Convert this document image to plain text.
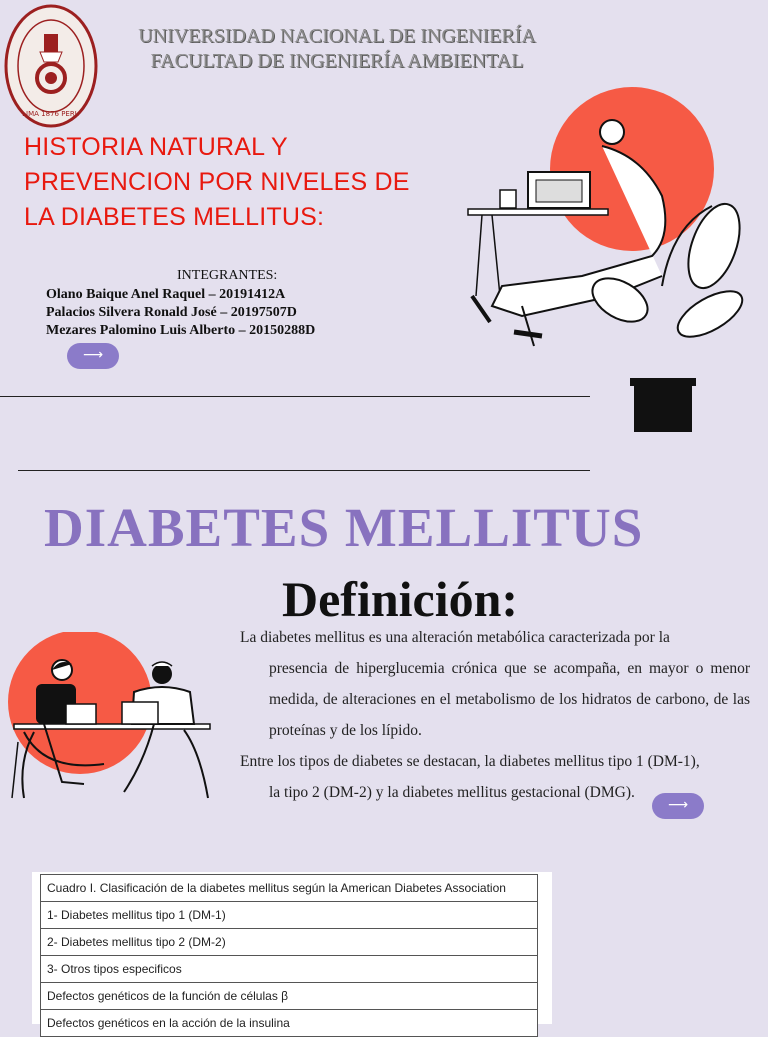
LIMA 1876 PERU
UNIVERSIDAD NACIONAL DE INGENIERÍA
FACULTAD DE INGENIERÍA AMBIENTAL
HISTORIA NATURAL Y
PREVENCION POR NIVELES DE
LA DIABETES MELLITUS:
INTEGRANTES:
Olano Baique Anel Raquel – 20191412A
Palacios Silvera Ronald José – 20197507D
Mezares Palomino Luis Alberto – 20150288D
⟶
DIABETES MELLITUS
Definición:

La diabetes mellitus es una alteración metabólica caracterizada por la

presencia de hiperglucemia crónica que se acompaña, en mayor o menor medida, de alteraciones en el metabolismo de los hidratos de carbono, de las proteínas y de los lípido.

Entre los tipos de diabetes se destacan, la diabetes mellitus tipo 1 (DM-1),

la tipo 2 (DM-2) y la diabetes mellitus gestacional (DMG).

⟶
Cuadro I. Clasificación de la diabetes mellitus según la American Diabetes Association
1- Diabetes mellitus tipo 1 (DM-1)
2- Diabetes mellitus tipo 2 (DM-2)
3- Otros tipos especificos
Defectos genéticos de la función de células β
Defectos genéticos en la acción de la insulina
